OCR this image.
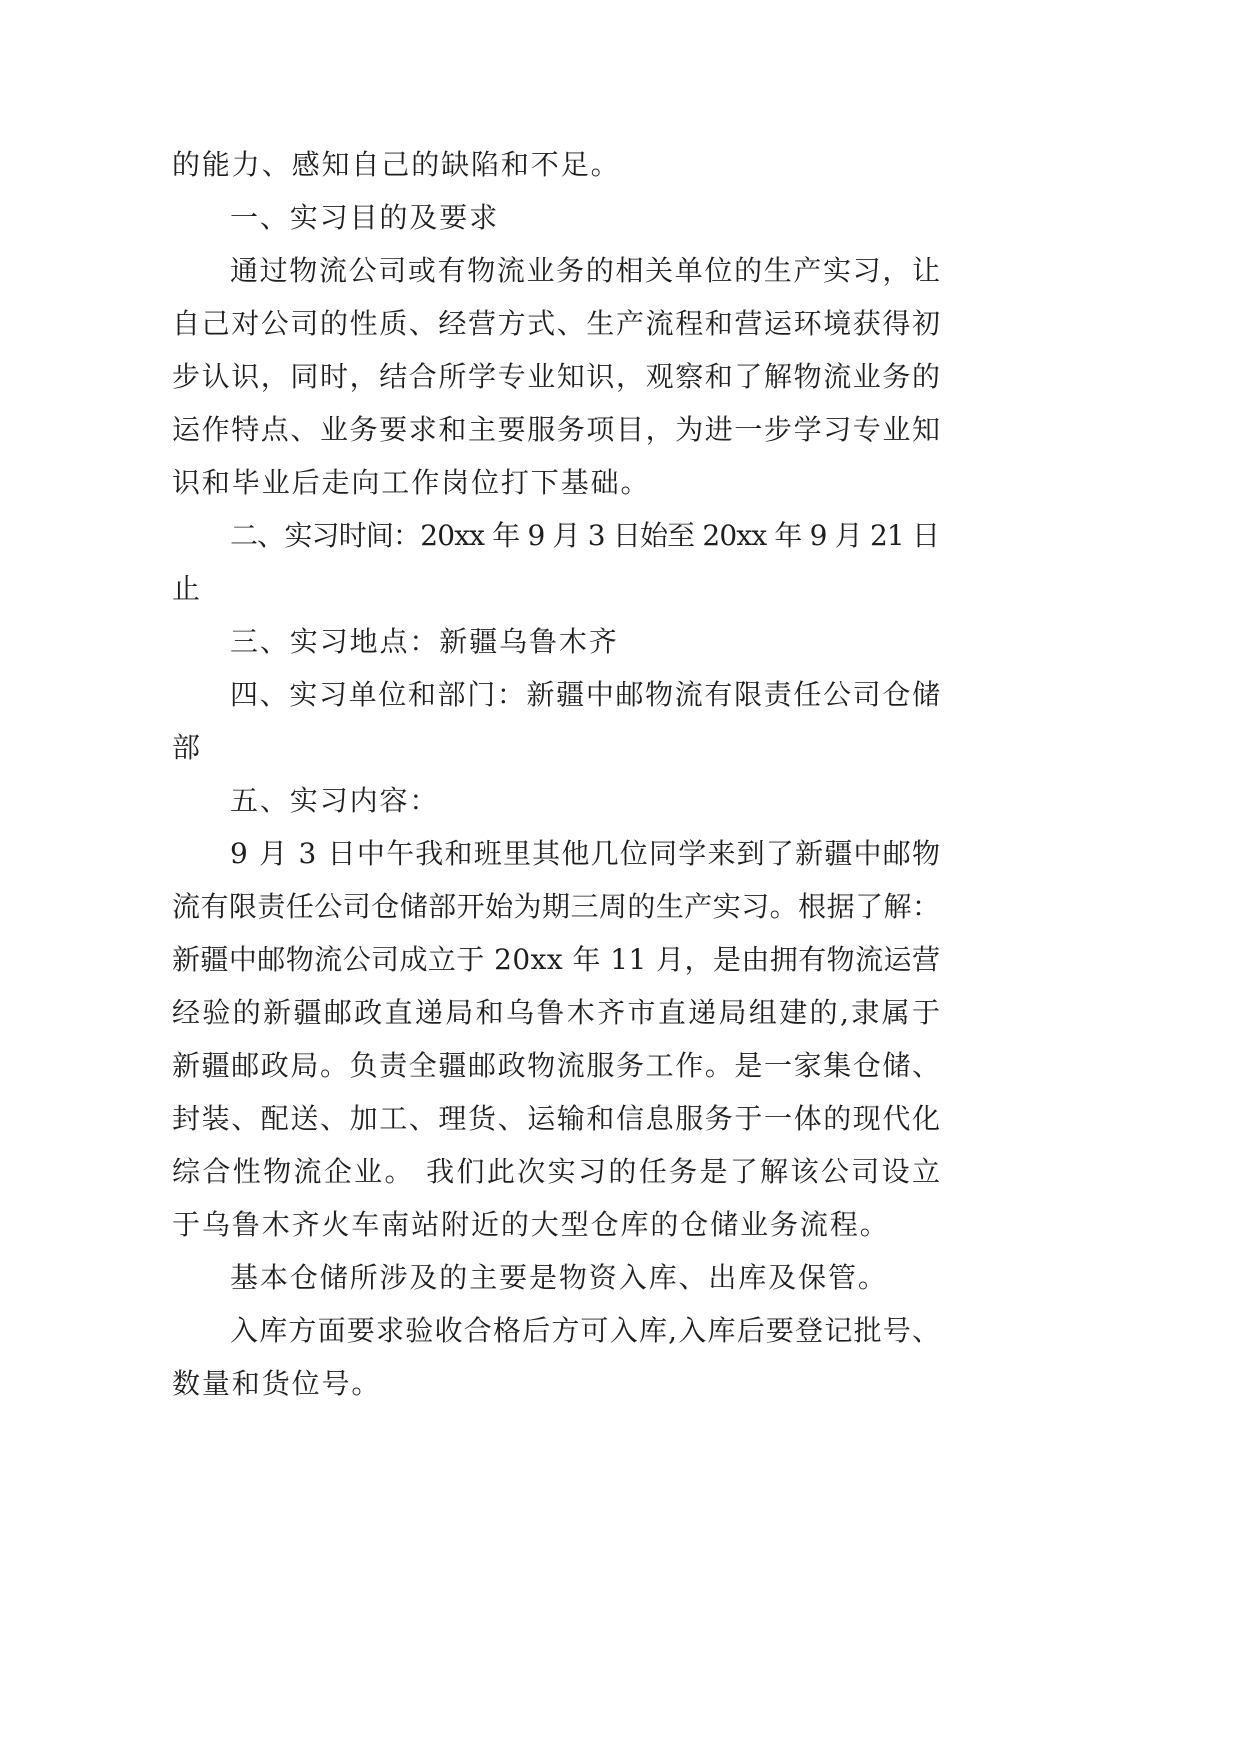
的能力、感知自己的缺陷和不足。
一、实习目的及要求
通过物流公司或有物流业务的相关单位的生产实习，让
自己对公司的性质、经营方式、生产流程和营运环境获得初
步认识，同时，结合所学专业知识，观察和了解物流业务的
运作特点、业务要求和主要服务项目，为进一步学习专业知
识和毕业后走向工作岗位打下基础。
二、实习时间：20xx 年 9 月 3 日始至 20xx 年 9 月 21 日
止
三、实习地点：新疆乌鲁木齐
四、实习单位和部门：新疆中邮物流有限责任公司仓储
部
五、实习内容：
9 月 3 日中午我和班里其他几位同学来到了新疆中邮物
流有限责任公司仓储部开始为期三周的生产实习。根据了解：
新疆中邮物流公司成立于 20xx 年 11 月，是由拥有物流运营
经验的新疆邮政直递局和乌鲁木齐市直递局组建的,隶属于
新疆邮政局。负责全疆邮政物流服务工作。是一家集仓储、
封装、配送、加工、理货、运输和信息服务于一体的现代化
综合性物流企业。 我们此次实习的任务是了解该公司设立
于乌鲁木齐火车南站附近的大型仓库的仓储业务流程。
基本仓储所涉及的主要是物资入库、出库及保管。
入库方面要求验收合格后方可入库,入库后要登记批号、
数量和货位号。
